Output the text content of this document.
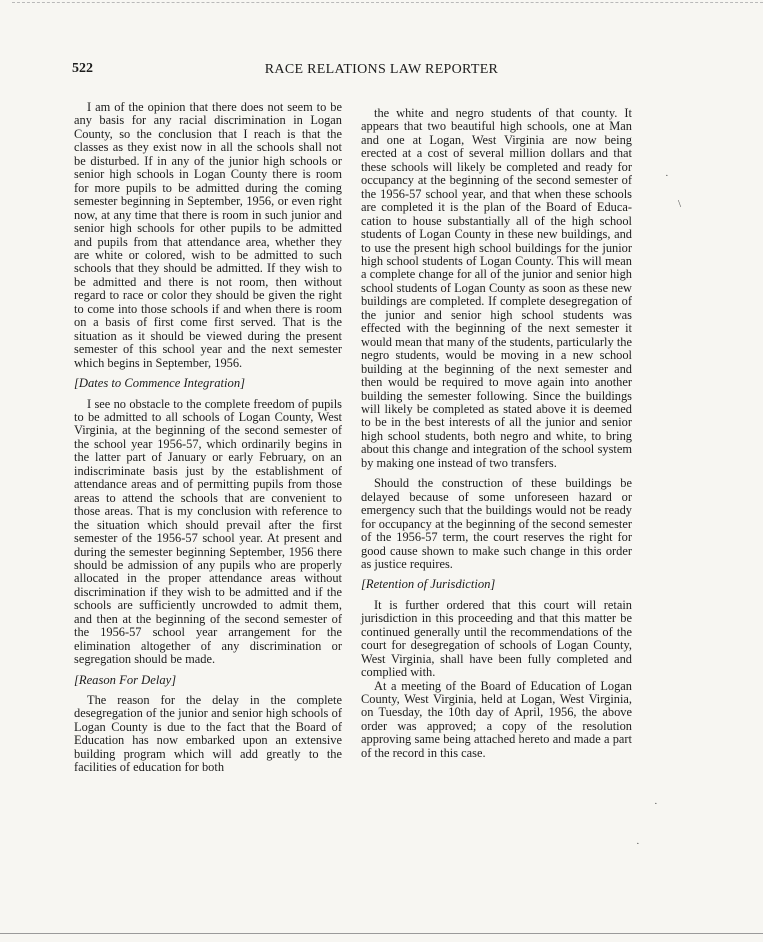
522	RACE RELATIONS LAW REPORTER

I am of the opinion that there does not seem to be any basis for any racial discrimination in Logan County, so the conclusion that I reach is that the classes as they exist now in all the schools shall not be disturbed. If in any of the junior high schools or senior high schools in Logan County there is room for more pupils to be admitted during the coming semester beginning in September, 1956, or even right now, at any time that there is room in such junior and senior high schools for other pupils to be admitted and pupils from that attendance area, whether they are white or colored, wish to be admitted to such schools that they should be admitted. If they wish to be admitted and there is not room, then without regard to race or color they should be given the right to come into those schools if and when there is room on a basis of first come first served. That is the situation as it should be viewed during the present semester of this school year and the next semester which begins in September, 1956.

[Dates to Commence Integration]

I see no obstacle to the complete freedom of pupils to be admitted to all schools of Logan County, West Virginia, at the beginning of the second semester of the school year 1956-57, which ordinarily begins in the latter part of January or early February, on an indiscriminate basis just by the establishment of attendance areas and of permitting pupils from those areas to attend the schools that are convenient to those areas. That is my conclusion with reference to the situation which should prevail after the first semester of the 1956-57 school year. At present and during the semester beginning September, 1956 there should be admission of any pupils who are properly allocated in the proper attendance areas without discrimination if they wish to be admitted and if the schools are sufficiently uncrowded to admit them, and then at the beginning of the second semester of the 1956-57 school year arrangement for the elimination altogether of any discrimination or segregation should be made.

[Reason For Delay]

The reason for the delay in the complete desegregation of the junior and senior high schools of Logan County is due to the fact that the Board of Education has now embarked upon an extensive building program which will add greatly to the facilities of education for both

the white and negro students of that county. It appears that two beautiful high schools, one at Man and one at Logan, West Virginia are now being erected at a cost of several million dollars and that these schools will likely be completed and ready for occupancy at the beginning of the second semester of the 1956-57 school year, and that when these schools are completed it is the plan of the Board of Educacation to house substantially all of the high school students of Logan County in these new buildings, and to use the present high school buildings for the junior high school students of Logan County. This will mean a complete change for all of the junior and senior high school students of Logan County as soon as these new buildings are completed. If complete desegregation of the junior and senior high school students was effected with the beginning of the next semester it would mean that many of the students, particularly the negro students, would be moving in a new school building at the beginning of the next semester and then would be required to move again into another building the semester following. Since the buildings will likely be completed as stated above it is deemed to be in the best interests of all the junior and senior high school students, both negro and white, to bring about this change and integration of the school system by making one instead of two transfers.

Should the construction of these buildings be delayed because of some unforeseen hazard or emergency such that the buildings would not be ready for occupancy at the beginning of the second semester of the 1956-57 term, the court reserves the right for good cause shown to make such change in this order as justice requires.

[Retention of Jurisdiction]

It is further ordered that this court will retain jurisdiction in this proceeding and that this matter be continued generally until the recommendations of the court for desegregation of schools of Logan County, West Virginia, shall have been fully completed and complied with.

At a meeting of the Board of Education of Logan County, West Virginia, held at Logan, West Virginia, on Tuesday, the 10th day of April, 1956, the above order was approved; a copy of the resolution approving same being attached hereto and made a part of the record in this case.

·
\
·
·
